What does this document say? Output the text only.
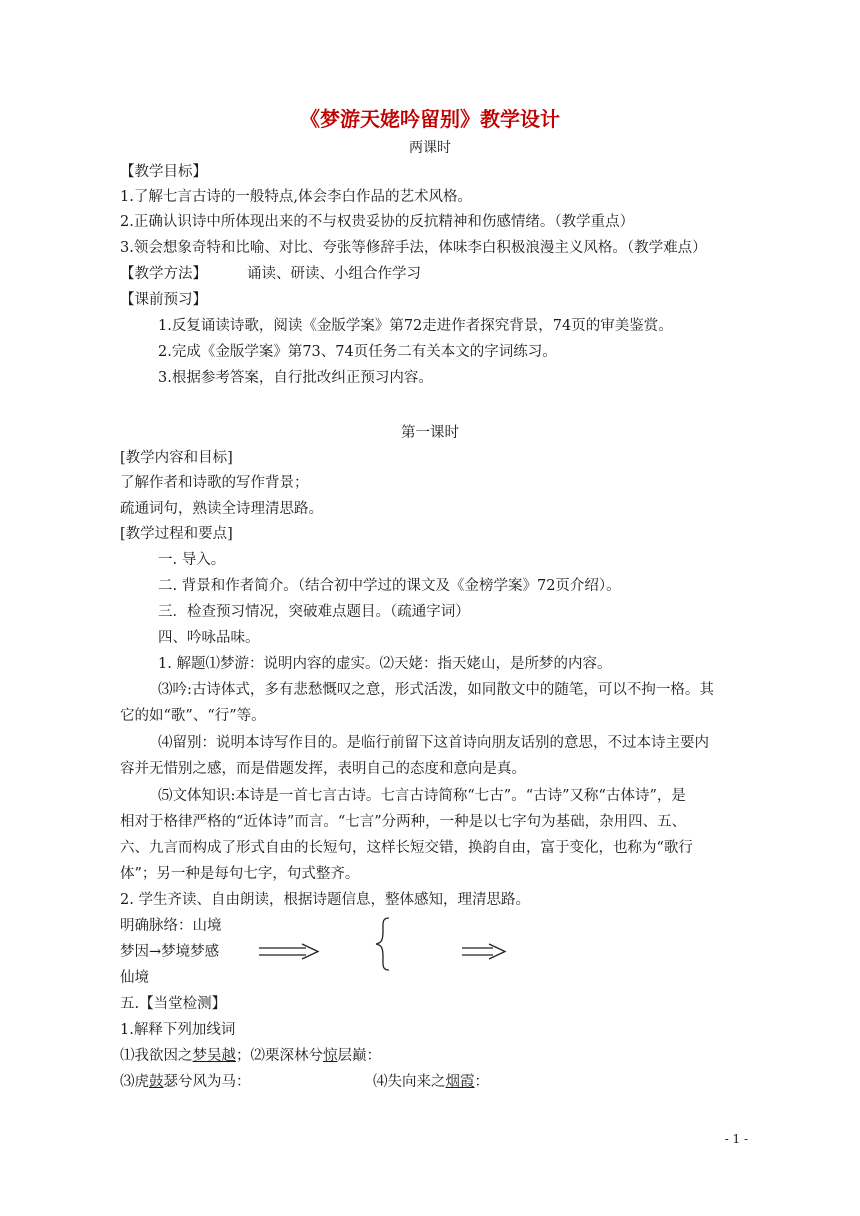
《梦游天姥吟留别》教学设计
两课时
【教学目标】
1.了解七言古诗的一般特点,体会李白作品的艺术风格。
2.正确认识诗中所体现出来的不与权贵妥协的反抗精神和伤感情绪。（教学重点）
3.领会想象奇特和比喻、对比、夸张等修辞手法，体味李白积极浪漫主义风格。（教学难点）
【教学方法】	诵读、研读、小组合作学习
【课前预习】
1.反复诵读诗歌，阅读《金版学案》第72走进作者探究背景，74页的审美鉴赏。
2.完成《金版学案》第73、74页任务二有关本文的字词练习。
3.根据参考答案，自行批改纠正预习内容。
第一课时
[教学内容和目标]
了解作者和诗歌的写作背景；
疏通词句，熟读全诗理清思路。
[教学过程和要点]
一. 导入。
二. 背景和作者简介。（结合初中学过的课文及《金榜学案》72页介绍）。
三．检查预习情况，突破难点题目。（疏通字词）
四、吟咏品味。
1. 解题⑴梦游：说明内容的虚实。⑵天姥：指天姥山，是所梦的内容。
⑶吟:古诗体式，多有悲愁慨叹之意，形式活泼，如同散文中的随笔，可以不拘一格。其
它的如“歌”、“行”等。
⑷留别：说明本诗写作目的。是临行前留下这首诗向朋友话别的意思，不过本诗主要内
容并无惜别之感，而是借题发挥，表明自己的态度和意向是真。
⑸文体知识:本诗是一首七言古诗。七言古诗简称“七古”。“古诗”又称“古体诗”，是
相对于格律严格的“近体诗”而言。“七言”分两种，一种是以七字句为基础，杂用四、五、
六、九言而构成了形式自由的长短句，这样长短交错，换韵自由，富于变化，也称为“歌行
体”；另一种是每句七字，句式整齐。
2. 学生齐读、自由朗读，根据诗题信息，整体感知，理清思路。
明确脉络：山境
梦因→梦境梦感
仙境
五.【当堂检测】
1.解释下列加线词
⑴我欲因之梦吴越；⑵栗深林兮惊层巅：
⑶虎鼓瑟兮风为马：	⑷失向来之烟霞：
- 1 -
